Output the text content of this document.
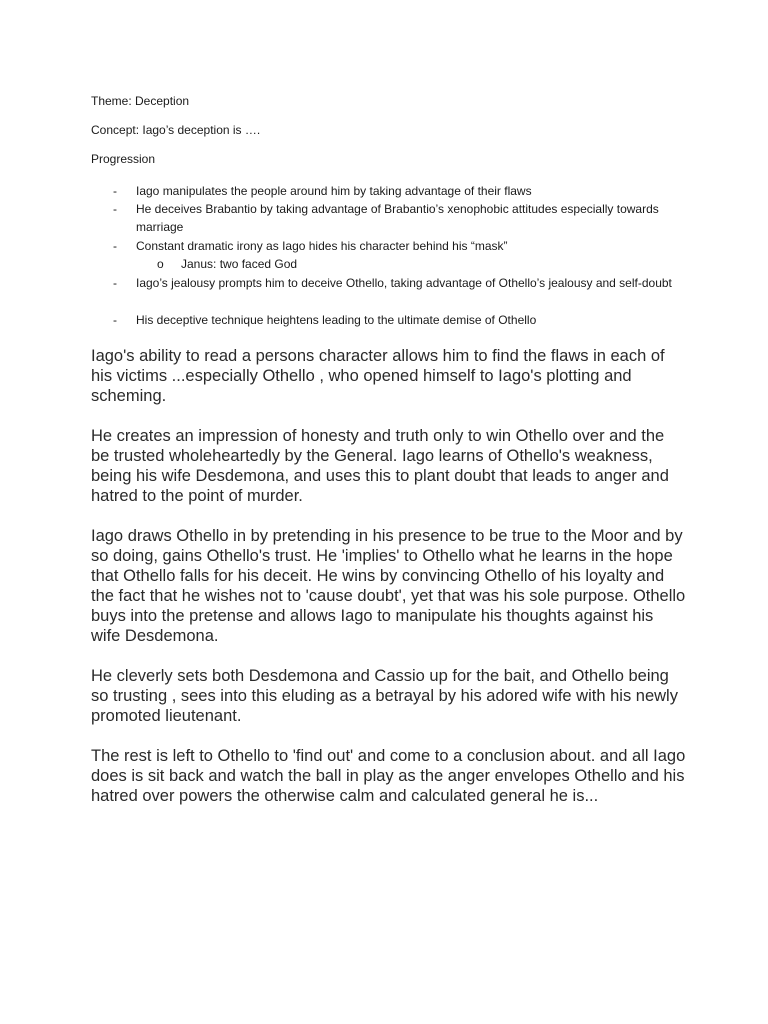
Theme: Deception
Concept: Iago’s deception is ….
Progression
- Iago manipulates the people around him by taking advantage of their flaws
- He deceives Brabantio by taking advantage of Brabantio’s xenophobic attitudes especially towards marriage
- Constant dramatic irony as Iago hides his character behind his “mask”
o Janus: two faced God
- Iago’s jealousy prompts him to deceive Othello, taking advantage of Othello’s jealousy and self-doubt
- His deceptive technique heightens leading to the ultimate demise of Othello

Iago's ability to read a persons character allows him to find the flaws in each of his victims ...especially Othello , who opened himself to Iago's plotting and scheming.

He creates an impression of honesty and truth only to win Othello over and the be trusted wholeheartedly by the General. Iago learns of Othello's weakness, being his wife Desdemona, and uses this to plant doubt that leads to anger and hatred to the point of murder.

Iago draws Othello in by pretending in his presence to be true to the Moor and by so doing, gains Othello's trust. He 'implies' to Othello what he learns in the hope that Othello falls for his deceit. He wins by convincing Othello of his loyalty and the fact that he wishes not to 'cause doubt', yet that was his sole purpose. Othello buys into the pretense and allows Iago to manipulate his thoughts against his wife Desdemona.

He cleverly sets both Desdemona and Cassio up for the bait, and Othello being so trusting , sees into this eluding as a betrayal by his adored wife with his newly promoted lieutenant.

The rest is left to Othello to 'find out' and come to a conclusion about. and all Iago does is sit back and watch the ball in play as the anger envelopes Othello and his hatred over powers the otherwise calm and calculated general he is...
